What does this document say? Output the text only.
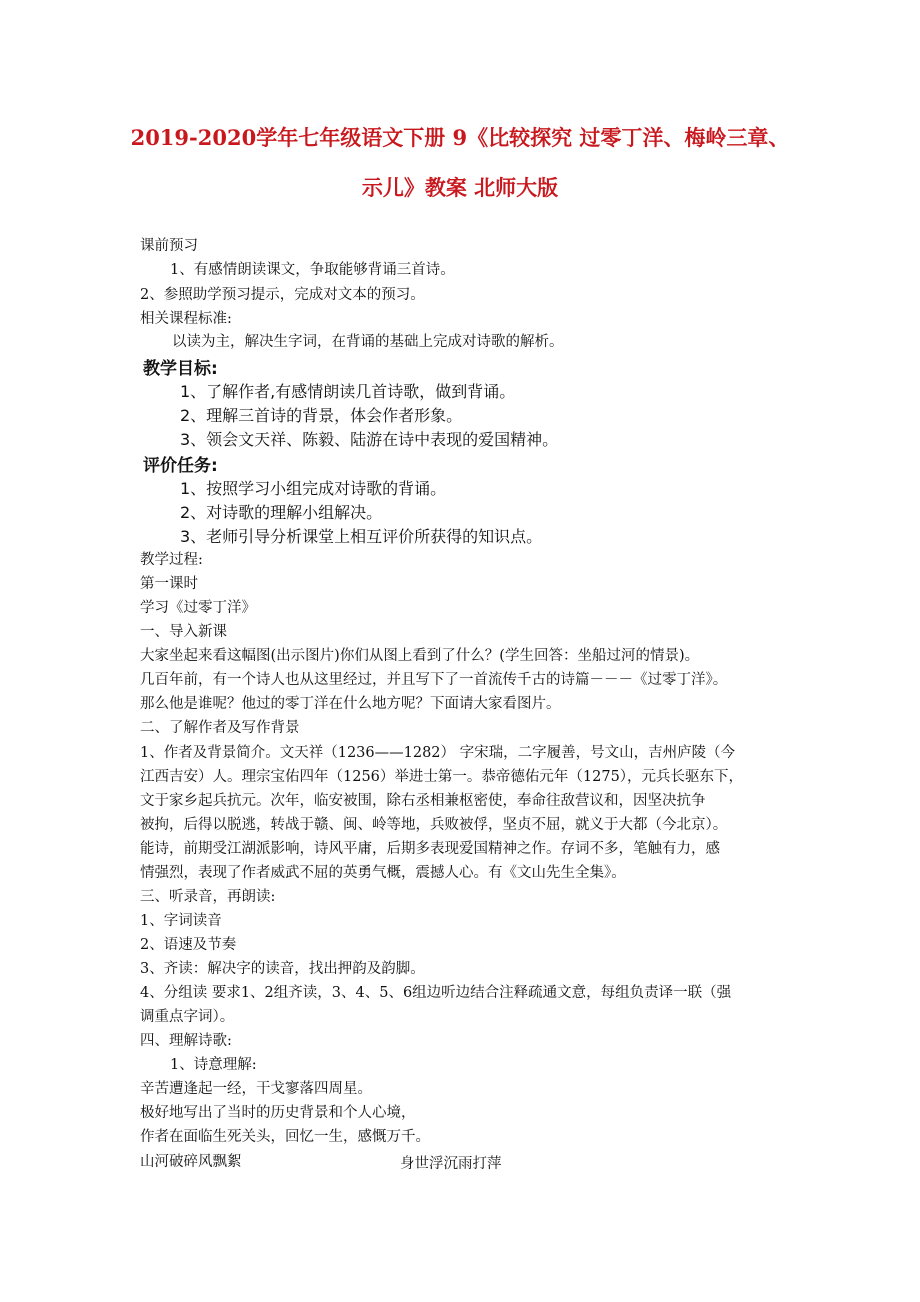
2019-2020学年七年级语文下册 9《比较探究 过零丁洋、梅岭三章、
示儿》教案 北师大版
课前预习
1、有感情朗读课文，争取能够背诵三首诗。
2、参照助学预习提示，完成对文本的预习。
相关课程标准:
以读为主，解决生字词，在背诵的基础上完成对诗歌的解析。
教学目标:
1、了解作者,有感情朗读几首诗歌，做到背诵。
2、理解三首诗的背景，体会作者形象。
3、领会文天祥、陈毅、陆游在诗中表现的爱国精神。
评价任务:
1、按照学习小组完成对诗歌的背诵。
2、对诗歌的理解小组解决。
3、老师引导分析课堂上相互评价所获得的知识点。
教学过程:
第一课时
学习《过零丁洋》
一、导入新课
大家坐起来看这幅图(出示图片)你们从图上看到了什么？(学生回答：坐船过河的情景)。
几百年前，有一个诗人也从这里经过，并且写下了一首流传千古的诗篇－－－《过零丁洋》。
那么他是谁呢？他过的零丁洋在什么地方呢？下面请大家看图片。
二、了解作者及写作背景
1、作者及背景简介。文天祥（1236——1282） 字宋瑞，二字履善，号文山，吉州庐陵（今
江西吉安）人。理宗宝佑四年（1256）举进士第一。恭帝德佑元年（1275），元兵长驱东下，
文于家乡起兵抗元。次年，临安被围，除右丞相兼枢密使，奉命往敌营议和，因坚决抗争
被拘，后得以脱逃，转战于赣、闽、岭等地，兵败被俘，坚贞不屈，就义于大都（今北京）。
能诗，前期受江湖派影响，诗风平庸，后期多表现爱国精神之作。存词不多，笔触有力，感
情强烈，表现了作者威武不屈的英勇气概，震撼人心。有《文山先生全集》。
三、听录音，再朗读:
1、字词读音
2、语速及节奏
3、齐读：解决字的读音，找出押韵及韵脚。
4、分组读 要求1、2组齐读，3、4、5、6组边听边结合注释疏通文意，每组负责译一联（强
调重点字词）。
四、理解诗歌:
1、诗意理解:
辛苦遭逢起一经，干戈寥落四周星。
极好地写出了当时的历史背景和个人心境，
作者在面临生死关头，回忆一生，感慨万千。
山河破碎风飘絮	身世浮沉雨打萍
